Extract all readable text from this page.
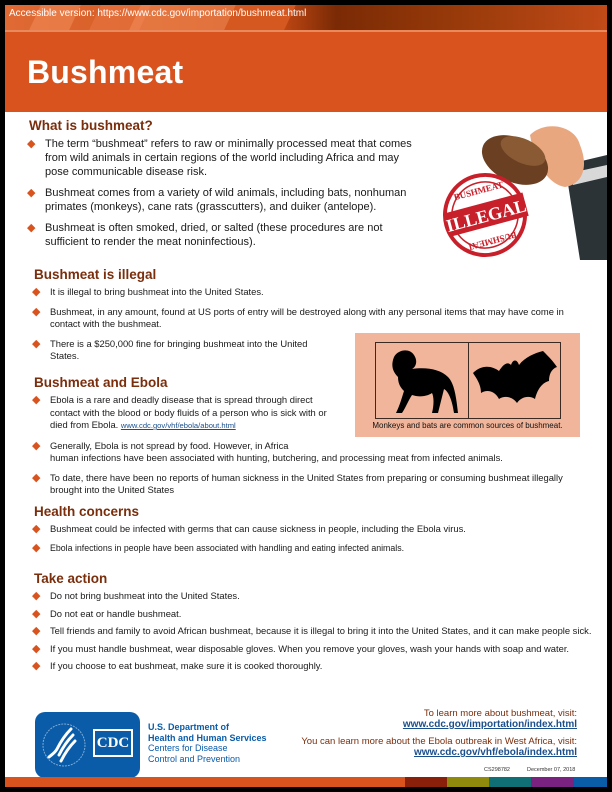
Accessible version: https://www.cdc.gov/importation/bushmeat.html
Bushmeat
What is bushmeat?
◆ The term “bushmeat” refers to raw or minimally processed meat that comes from wild animals in certain regions of the world including Africa and may pose communicable disease risk.
◆ Bushmeat comes from a variety of wild animals, including bats, nonhuman primates (monkeys), cane rats (grasscutters), and duiker (antelope).
◆ Bushmeat is often smoked, dried, or salted (these procedures are not sufficient to render the meat noninfectious).
ILLEGAL
BUSHMEAT
BUSHMEAT
Bushmeat is illegal
◆ It is illegal to bring bushmeat into the United States.
◆ Bushmeat, in any amount, found at US ports of entry will be destroyed along with any personal items that may have come in contact with the bushmeat.
◆ There is a $250,000 fine for bringing bushmeat into the United States.
Monkeys and bats are common sources of bushmeat.
Bushmeat and Ebola
◆ Ebola is a rare and deadly disease that is spread through direct contact with the blood or body fluids of a person who is sick with or died from Ebola. www.cdc.gov/vhf/ebola/about.html
◆ Generally, Ebola is not spread by food. However, in Africa
human infections have been associated with hunting, butchering, and processing meat from infected animals.
◆ To date, there have been no reports of human sickness in the United States from preparing or consuming bushmeat illegally brought into the United States
Health concerns
◆ Bushmeat could be infected with germs that can cause sickness in people, including the Ebola virus.
◆ Ebola infections in people have been associated with handling and eating infected animals.
Take action
◆ Do not bring bushmeat into the United States.
◆ Do not eat or handle bushmeat.
◆ Tell friends and family to avoid African bushmeat, because it is illegal to bring it into the United States, and it can make people sick.
◆ If you must handle bushmeat, wear disposable gloves. When you remove your gloves, wash your hands with soap and water.
◆ If you choose to eat bushmeat, make sure it is cooked thoroughly.
CDC
U.S. Department of
Health and Human Services
Centers for Disease
Control and Prevention
To learn more about bushmeat, visit:
www.cdc.gov/importation/index.html
You can learn more about the Ebola outbreak in West Africa, visit:
www.cdc.gov/vhf/ebola/index.html
CS298782	December 07, 2018
